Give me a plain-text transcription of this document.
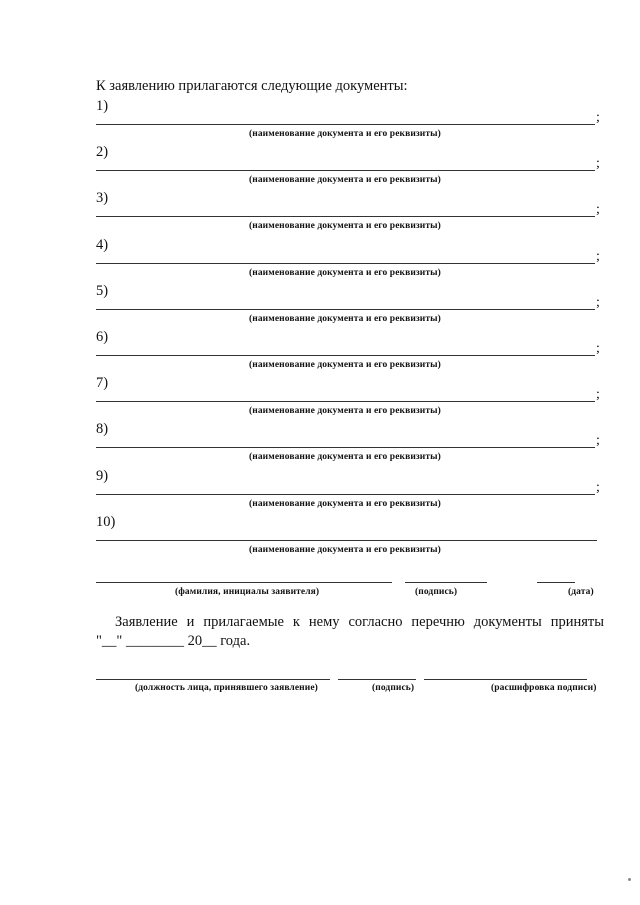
К заявлению прилагаются следующие документы:
1)
;
(наименование документа и его реквизиты)
2)
;
(наименование документа и его реквизиты)
3)
;
(наименование документа и его реквизиты)
4)
;
(наименование документа и его реквизиты)
5)
;
(наименование документа и его реквизиты)
6)
;
(наименование документа и его реквизиты)
7)
;
(наименование документа и его реквизиты)
8)
;
(наименование документа и его реквизиты)
9)
;
(наименование документа и его реквизиты)
10)
(наименование документа и его реквизиты)
(фамилия, инициалы заявителя)	(подпись)	(дата)
Заявление и прилагаемые к нему согласно перечню документы приняты
"__" ________ 20__ года.
(должность лица, принявшего заявление)	(подпись)	(расшифровка подписи)
